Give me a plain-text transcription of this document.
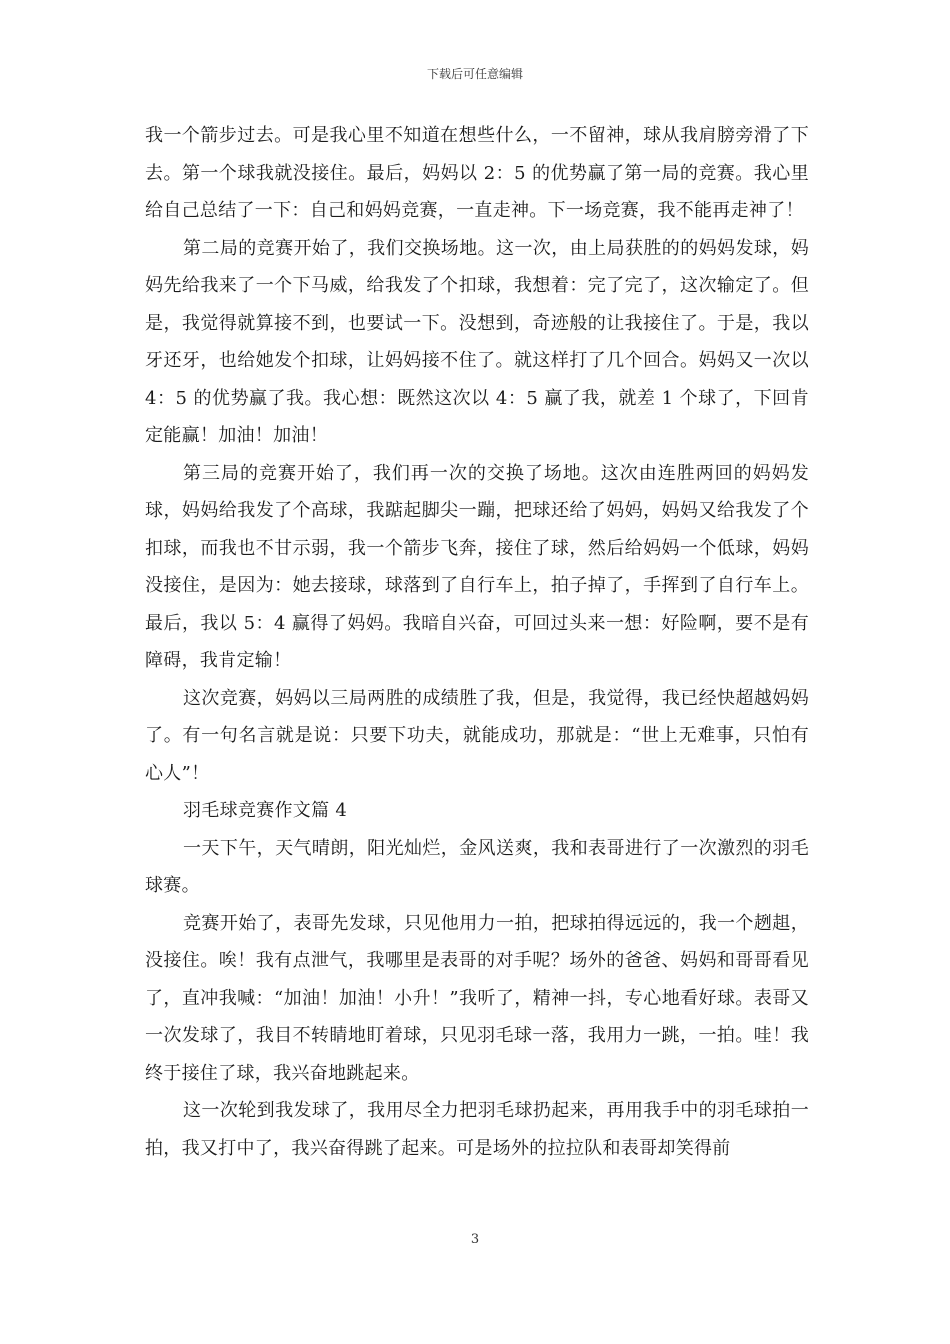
下载后可任意编辑

我一个箭步过去。可是我心里不知道在想些什么，一不留神，球从我肩膀旁滑了下去。第一个球我就没接住。最后，妈妈以 2：5 的优势赢了第一局的竞赛。我心里给自己总结了一下：自己和妈妈竞赛，一直走神。下一场竞赛，我不能再走神了！

第二局的竞赛开始了，我们交换场地。这一次，由上局获胜的的妈妈发球，妈妈先给我来了一个下马威，给我发了个扣球，我想着：完了完了，这次输定了。但是，我觉得就算接不到，也要试一下。没想到，奇迹般的让我接住了。于是，我以牙还牙，也给她发个扣球，让妈妈接不住了。就这样打了几个回合。妈妈又一次以 4：5 的优势赢了我。我心想：既然这次以 4：5 赢了我，就差 1 个球了，下回肯定能赢！加油！加油！

第三局的竞赛开始了，我们再一次的交换了场地。这次由连胜两回的妈妈发球，妈妈给我发了个高球，我踮起脚尖一蹦，把球还给了妈妈，妈妈又给我发了个扣球，而我也不甘示弱，我一个箭步飞奔，接住了球，然后给妈妈一个低球，妈妈没接住，是因为：她去接球，球落到了自行车上，拍子掉了，手挥到了自行车上。最后，我以 5：4 赢得了妈妈。我暗自兴奋，可回过头来一想：好险啊，要不是有障碍，我肯定输！

这次竞赛，妈妈以三局两胜的成绩胜了我，但是，我觉得，我已经快超越妈妈了。有一句名言就是说：只要下功夫，就能成功，那就是：“世上无难事，只怕有心人”！

羽毛球竞赛作文篇 4

一天下午，天气晴朗，阳光灿烂，金风送爽，我和表哥进行了一次激烈的羽毛球赛。

竞赛开始了，表哥先发球，只见他用力一拍，把球拍得远远的，我一个趔趄，没接住。唉！我有点泄气，我哪里是表哥的对手呢？场外的爸爸、妈妈和哥哥看见了，直冲我喊：“加油！加油！小升！”我听了，精神一抖，专心地看好球。表哥又一次发球了，我目不转睛地盯着球，只见羽毛球一落，我用力一跳，一拍。哇！我终于接住了球，我兴奋地跳起来。

这一次轮到我发球了，我用尽全力把羽毛球扔起来，再用我手中的羽毛球拍一拍，我又打中了，我兴奋得跳了起来。可是场外的拉拉队和表哥却笑得前

3
